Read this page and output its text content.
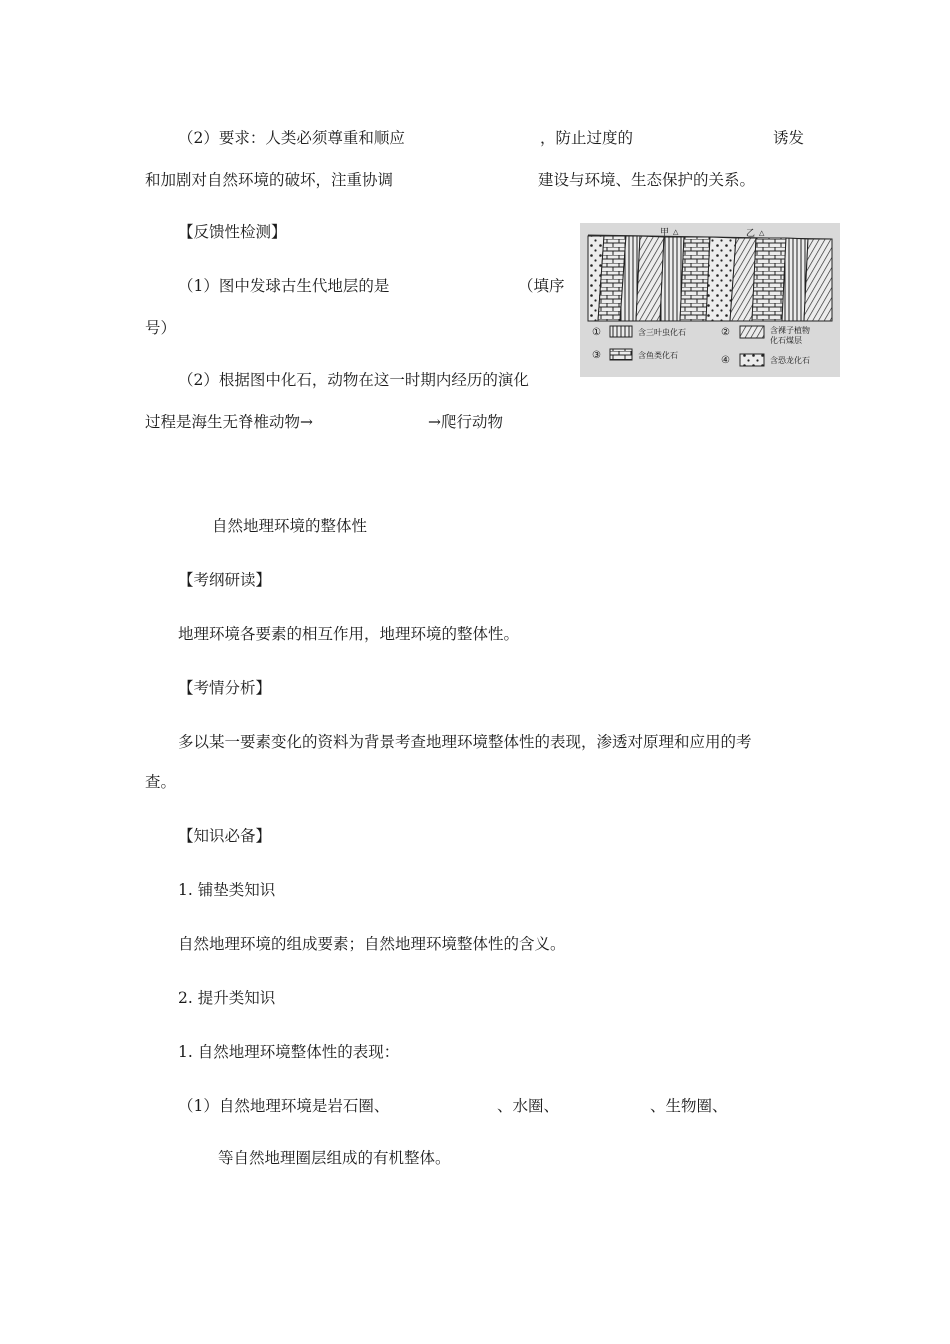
（2）要求：人类必须尊重和顺应	，防止过度的	诱发
和加剧对自然环境的破坏，注重协调	建设与环境、生态保护的关系。
【反馈性检测】
（1）图中发球古生代地层的是	（填序
号）
（2）根据图中化石，动物在这一时期内经历的演化
过程是海生无脊椎动物→	→爬行动物
甲 △	乙 △
①	含三叶虫化石	②	含裸子植物
化石煤层
③	含鱼类化石	④	含恐龙化石
自然地理环境的整体性
【考纲研读】
地理环境各要素的相互作用，地理环境的整体性。
【考情分析】
多以某一要素变化的资料为背景考查地理环境整体性的表现，渗透对原理和应用的考
查。
【知识必备】
1. 铺垫类知识
自然地理环境的组成要素；自然地理环境整体性的含义。
2. 提升类知识
1. 自然地理环境整体性的表现：
（1）自然地理环境是岩石圈、	、水圈、	、生物圈、
等自然地理圈层组成的有机整体。
